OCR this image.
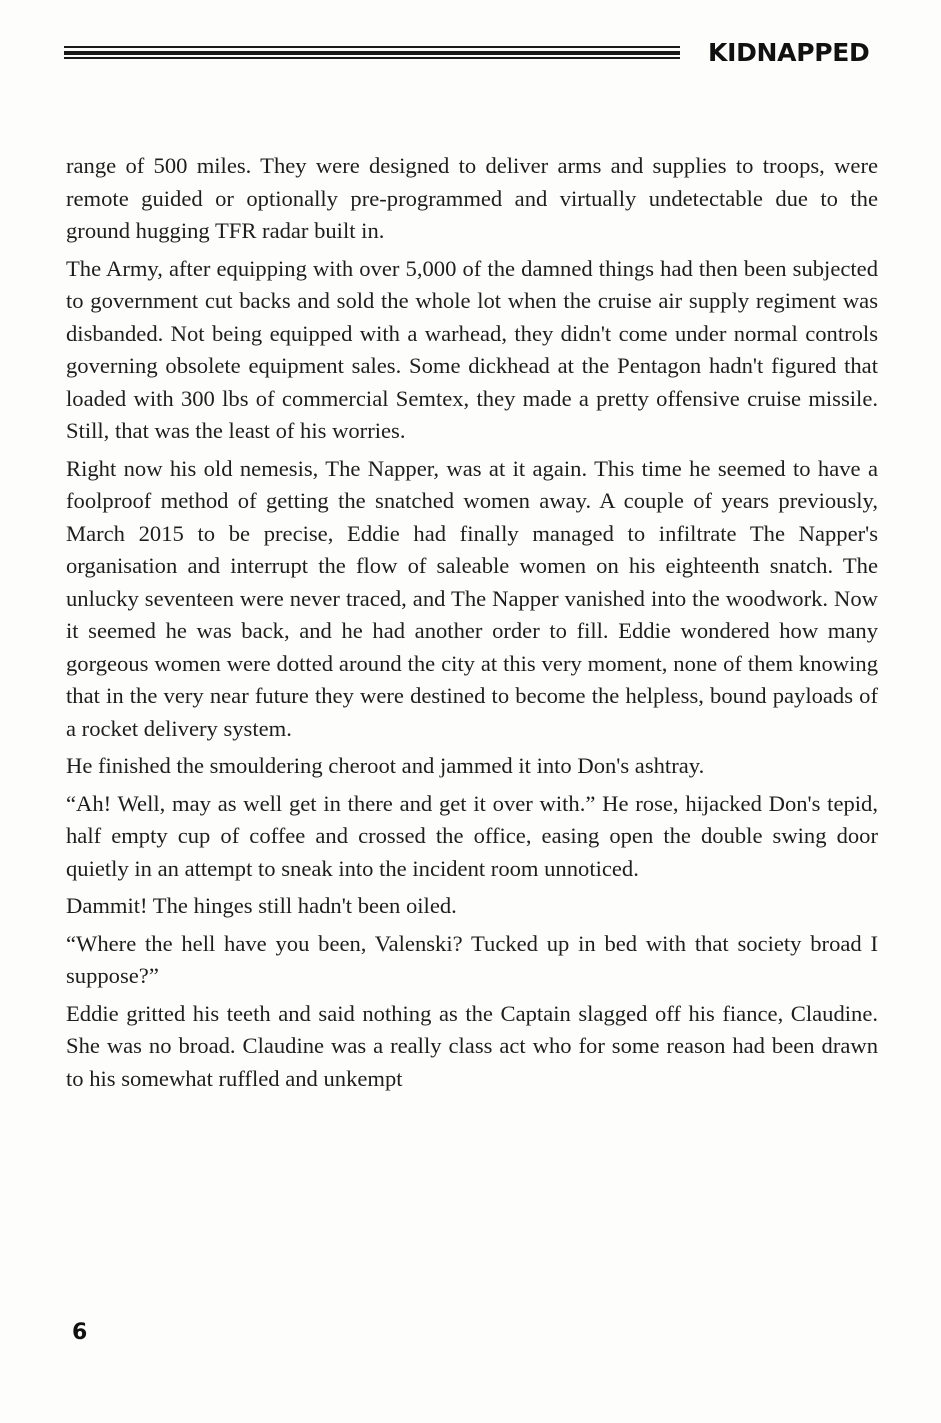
KIDNAPPED

range of 500 miles. They were designed to deliver arms and supplies to troops, were remote guided or optionally pre-programmed and virtually undetectable due to the ground hugging TFR radar built in.

The Army, after equipping with over 5,000 of the damned things had then been subjected to government cut backs and sold the whole lot when the cruise air supply regiment was disbanded. Not being equipped with a warhead, they didn't come under normal controls governing obsolete equipment sales. Some dickhead at the Pentagon hadn't figured that loaded with 300 lbs of commercial Semtex, they made a pretty offensive cruise missile. Still, that was the least of his worries.

Right now his old nemesis, The Napper, was at it again. This time he seemed to have a foolproof method of getting the snatched women away. A couple of years previously, March 2015 to be precise, Eddie had finally managed to infiltrate The Napper's organisation and interrupt the flow of saleable women on his eighteenth snatch. The unlucky seventeen were never traced, and The Napper vanished into the woodwork. Now it seemed he was back, and he had another order to fill. Eddie wondered how many gorgeous women were dotted around the city at this very moment, none of them knowing that in the very near future they were destined to become the helpless, bound payloads of a rocket delivery system.

He finished the smouldering cheroot and jammed it into Don's ashtray.

“Ah! Well, may as well get in there and get it over with.” He rose, hijacked Don's tepid, half empty cup of coffee and crossed the office, easing open the double swing door quietly in an attempt to sneak into the incident room unnoticed.

Dammit! The hinges still hadn't been oiled.

“Where the hell have you been, Valenski? Tucked up in bed with that society broad I suppose?”

Eddie gritted his teeth and said nothing as the Captain slagged off his fiance, Claudine. She was no broad. Claudine was a really class act who for some reason had been drawn to his somewhat ruffled and unkempt

6
